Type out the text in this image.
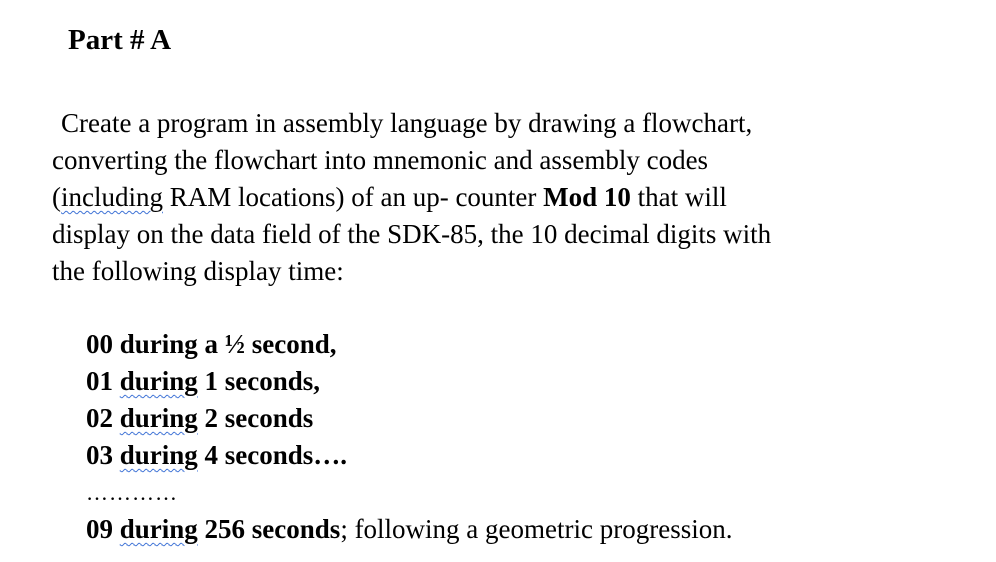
Part # A
Create a program in assembly language by drawing a flowchart,
converting the flowchart into mnemonic and assembly codes
(including RAM locations) of an up- counter Mod 10 that will
display on the data field of the SDK-85, the 10 decimal digits with
the following display time:
00 during a ½ second,
01 during 1 seconds,
02 during 2 seconds
03 during 4 seconds….
…………
09 during 256 seconds; following a geometric progression.
